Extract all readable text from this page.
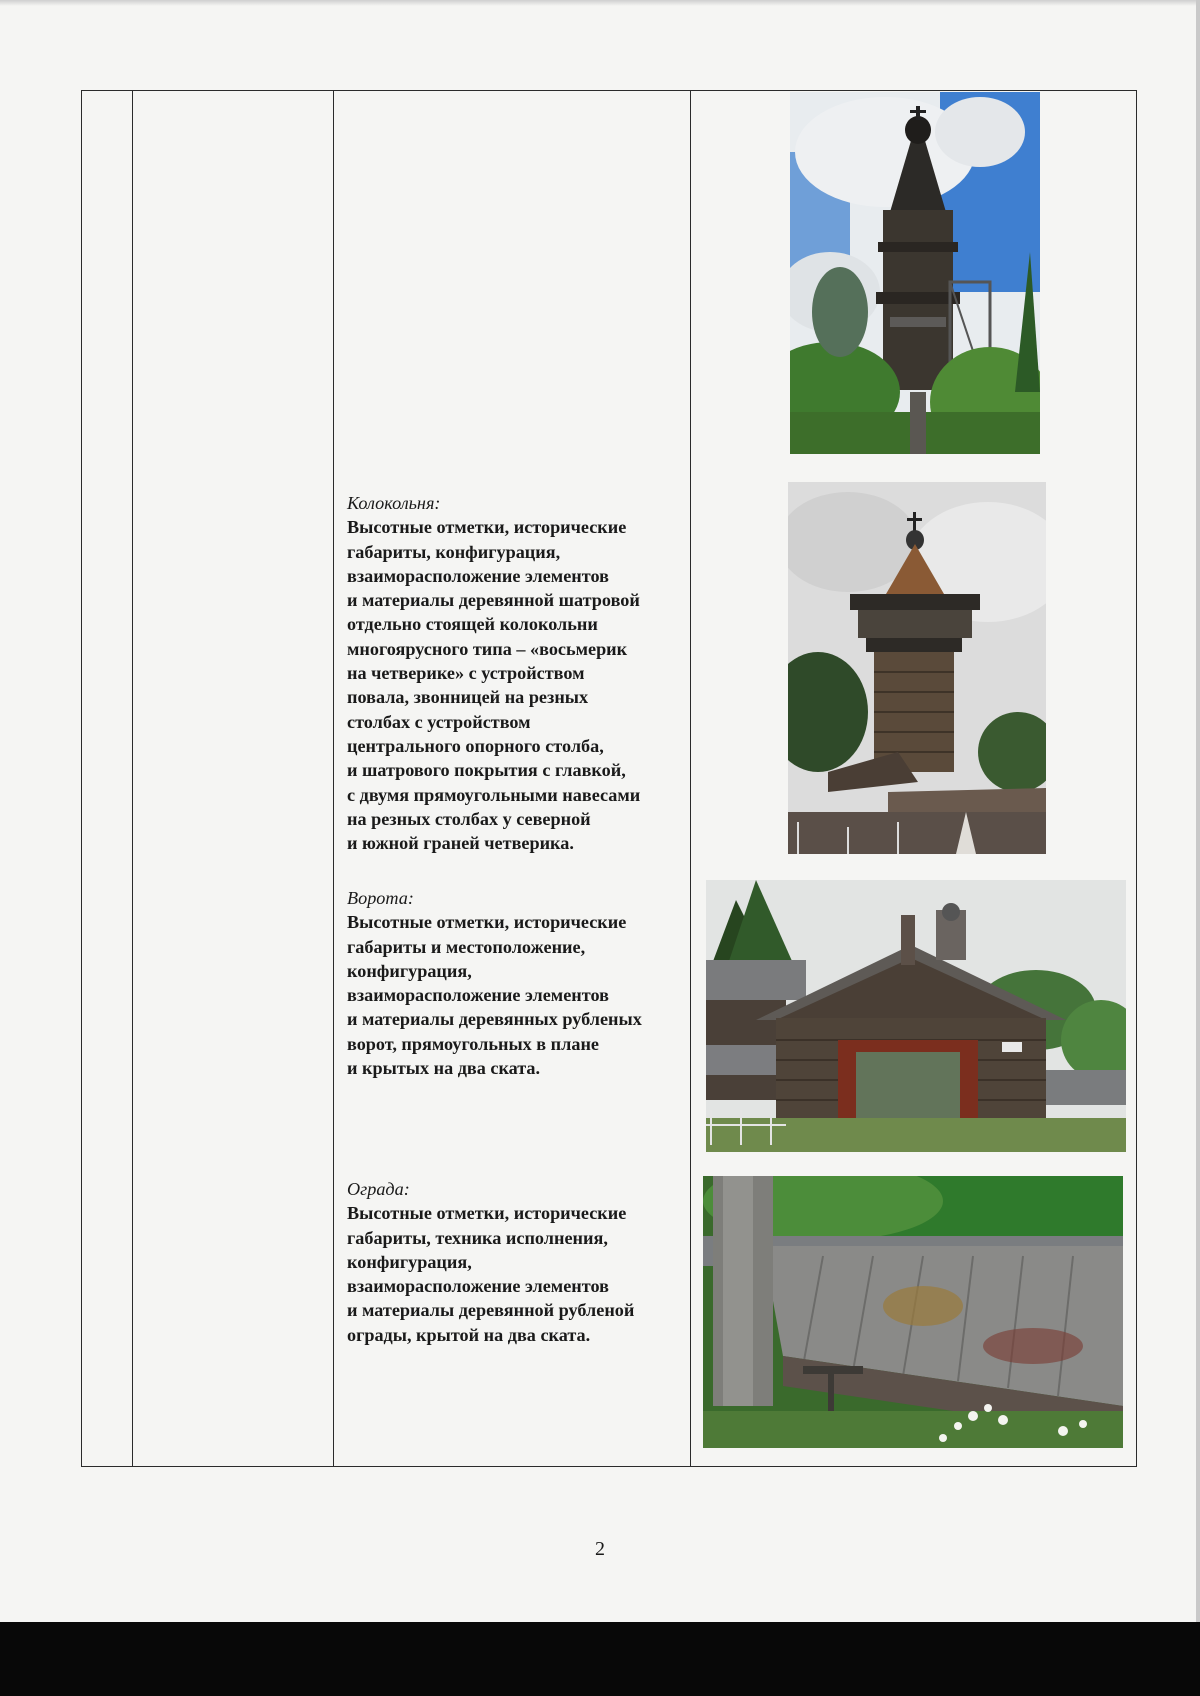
Колокольня:
Высотные отметки, исторические
габариты, конфигурация,
взаиморасположение элементов
и материалы деревянной шатровой
отдельно стоящей колокольни
многоярусного типа – «восьмерик
на четверике» с устройством
повала, звонницей на резных
столбах с устройством
центрального опорного столба,
и шатрового покрытия с главкой,
с двумя прямоугольными навесами
на резных столбах у северной
и южной граней четверика.
Ворота:
Высотные отметки, исторические
габариты и местоположение,
конфигурация,
взаиморасположение элементов
и материалы деревянных рубленых
ворот, прямоугольных в плане
и крытых на два ската.
Ограда:
Высотные отметки, исторические
габариты, техника исполнения,
конфигурация,
взаиморасположение элементов
и материалы деревянной рубленой
ограды, крытой на два ската.
2
